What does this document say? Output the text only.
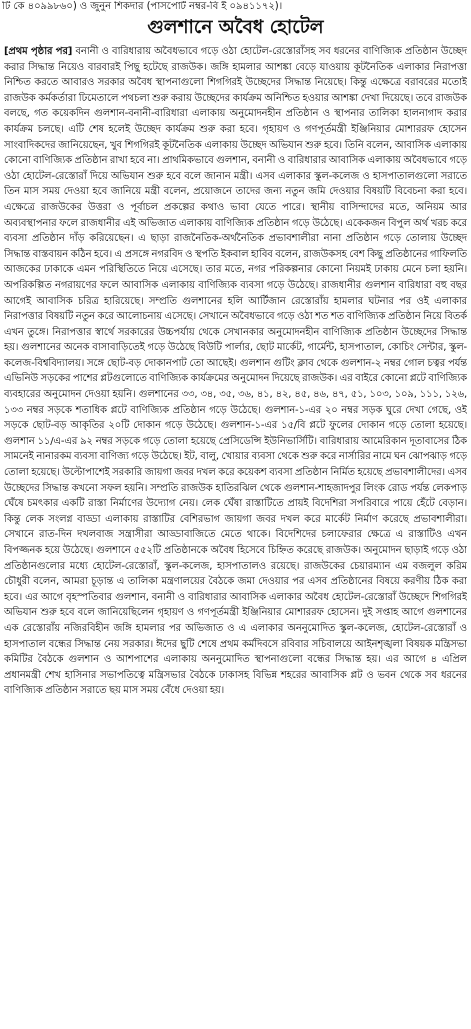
টি কে ৪০৯৯৮৬০) ও জুনুন শিকদার (পাসপোর্ট নম্বর-বি ই ০৯৪১১৭২)।
গুলশানে অবৈধ হোটেল

[প্রথম পৃষ্ঠার পর] বনানী ও বারিধারায় অবৈধভাবে গড়ে ওঠা হোটেল-রেস্তোরাঁসহ সব ধরনের বাণিজ্যিক প্রতিষ্ঠান উচ্ছেদ করার সিদ্ধান্ত নিয়েও বারবারই পিছু হটেছে রাজউক। জঙ্গি হামলার আশঙ্কা বেড়ে যাওয়ায় কূটনৈতিক এলাকার নিরাপত্তা নিশ্চিত করতে আবারও সরকার অবৈধ স্থাপনাগুলো শিগগিরই উচ্ছেদের সিদ্ধান্ত নিয়েছে। কিন্তু এক্ষেত্রে বরাবরের মতোই রাজউক কর্মকর্তারা ঢিমেতালে পথচলা শুরু করায় উচ্ছেদের কার্যক্রম অনিশ্চিত হওয়ার আশঙ্কা দেখা দিয়েছে। তবে রাজউক বলছে, গত কয়েকদিন গুলশান-বনানী-বারিধারা এলাকায় অনুমোদনহীন প্রতিষ্ঠান ও স্থাপনার তালিকা হালনাগাদ করার কার্যক্রম চলছে। এটি শেষ হলেই উচ্ছেদ কার্যক্রম শুরু করা হবে। গৃহায়ণ ও গণপূর্তমন্ত্রী ইঞ্জিনিয়ার মোশাররফ হোসেন সাংবাদিকদের জানিয়েছেন, খুব শিগগিরই কূটনৈতিক এলাকায় উচ্ছেদ অভিযান শুরু হবে। তিনি বলেন, আবাসিক এলাকায় কোনো বাণিজ্যিক প্রতিষ্ঠান রাখা হবে না। প্রাথমিকভাবে গুলশান, বনানী ও বারিধারার আবাসিক এলাকায় অবৈধভাবে গড়ে ওঠা হোটেল-রেস্তোরাঁ দিয়ে অভিযান শুরু হবে বলে জানান মন্ত্রী। এসব এলাকার স্কুল-কলেজ ও হাসপাতালগুলো সরাতে তিন মাস সময় দেওয়া হবে জানিয়ে মন্ত্রী বলেন, প্রয়োজনে তাদের জন্য নতুন জমি দেওয়ার বিষয়টি বিবেচনা করা হবে। এক্ষেত্রে রাজউকের উত্তরা ও পূর্বাচল প্রকল্পের কথাও ভাবা যেতে পারে। স্থানীয় বাসিন্দাদের মতে, অনিয়ম আর অব্যবস্থাপনার ফলে রাজধানীর এই অভিজাত এলাকায় বাণিজ্যিক প্রতিষ্ঠান গড়ে উঠেছে। একেকজন বিপুল অর্থ খরচ করে ব্যবসা প্রতিষ্ঠান দাঁড় করিয়েছেন। এ ছাড়া রাজনৈতিক-অর্থনৈতিক প্রভাবশালীরা নানা প্রতিষ্ঠান গড়ে তোলায় উচ্ছেদ সিদ্ধান্ত বাস্তবায়ন কঠিন হবে। এ প্রসঙ্গে নগরবিদ ও স্থপতি ইকবাল হাবিব বলেন, রাজউকসহ বেশ কিছু প্রতিষ্ঠানের গাফিলতি আজকের ঢাকাকে এমন পরিস্থিতিতে নিয়ে এসেছে। তার মতে, নগর পরিকল্পনার কোনো নিয়মই ঢাকায় মেনে চলা হয়নি। অপরিকল্পিত নগরায়ণের ফলে আবাসিক এলাকায় বাণিজ্যিক ব্যবসা গড়ে উঠেছে। রাজধানীর গুলশান বারিধারা বহু বছর আগেই আবাসিক চরিত্র হারিয়েছে। সম্প্রতি গুলশানের হলি আর্টিজান রেস্তোরাঁয় হামলার ঘটনার পর ওই এলাকার নিরাপত্তার বিষয়টি নতুন করে আলোচনায় এসেছে। সেখানে অবৈধভাবে গড়ে ওঠা শত শত বাণিজ্যিক প্রতিষ্ঠান নিয়ে বিতর্ক এখন তুঙ্গে। নিরাপত্তার স্বার্থে সরকারের উচ্চপর্যায় থেকে সেখানকার অনুমোদনহীন বাণিজ্যিক প্রতিষ্ঠান উচ্ছেদের সিদ্ধান্ত হয়। গুলশানের অনেক বাসাবাড়িতেই গড়ে উঠেছে বিউটি পার্লার, ছোট মার্কেট, গার্মেন্ট, হাসপাতাল, কোচিং সেন্টার, স্কুল-কলেজ-বিশ্ববিদ্যালয়। সঙ্গে ছোট-বড় দোকানপাট তো আছেই। গুলশান গুটিং ক্লাব থেকে গুলশান-২ নম্বর গোল চত্বর পর্যন্ত এভিনিউ সড়কের পাশের প্লটগুলোতে বাণিজ্যিক কার্যক্রমের অনুমোদন দিয়েছে রাজউক। এর বাইরে কোনো প্লটে বাণিজ্যিক ব্যবহারের অনুমোদন দেওয়া হয়নি। গুলশানের ৩৩, ৩৪, ৩৫, ৩৬, ৪১, ৪২, ৪৫, ৪৬, ৪৭, ৫১, ১০৩, ১০৯, ১১১, ১২৬, ১৩৩ নম্বর সড়কে শতাধিক প্লটে বাণিজ্যিক প্রতিষ্ঠান গড়ে উঠেছে। গুলশান-১-এর ২০ নম্বর সড়ক ঘুরে দেখা গেছে, ওই সড়কে ছোট-বড় আকৃতির ২০টি দোকান গড়ে উঠেছে। গুলশান-১-এর ১৫/বি প্লটে ফুলের দোকান গড়ে তোলা হয়েছে। গুলশান ১১/এ-এর ৯২ নম্বর সড়কে গড়ে তোলা হয়েছে প্রেসিডেন্সি ইউনিভার্সিটি। বারিধারায় আমেরিকান দূতাবাসের ঠিক সামনেই নানারকম ব্যবসা বাণিজ্য গড়ে উঠেছে। ইট, বালু, খোয়ার ব্যবসা থেকে শুরু করে নার্সারির নামে ঘন ঝোপঝাড় গড়ে তোলা হয়েছে। উল্টোপাশেই সরকারি জায়গা জবর দখল করে কয়েকশ ব্যবসা প্রতিষ্ঠান নির্মিত হয়েছে প্রভাবশালীদের। এসব উচ্ছেদের সিদ্ধান্ত কখনো সফল হয়নি। সম্প্রতি রাজউক হাতিরঝিল থেকে গুলশান-শাহজাদপুর লিংক রোড পর্যন্ত লেকপাড় ঘেঁষে চমৎকার একটি রাস্তা নির্মাণের উদ্যোগ নেয়। লেক ঘেঁষা রাস্তাটিতে প্রায়ই বিদেশিরা সপরিবারে পায়ে হেঁটে বেড়ান। কিন্তু লেক সংলগ্ন বাড্ডা এলাকায় রাস্তাটির বেশিরভাগ জায়গা জবর দখল করে মার্কেট নির্মাণ করেছে প্রভাবশালীরা। সেখানে রাত-দিন দখলবাজ সন্ত্রাসীরা আড্ডাবাজিতে মেতে থাকে। বিদেশিদের চলাফেরার ক্ষেত্রে এ রাস্তাটিও এখন বিপজ্জনক হয়ে উঠেছে। গুলশানে ৫৫২টি প্রতিষ্ঠানকে অবৈধ হিসেবে চিহ্নিত করেছে রাজউক। অনুমোদন ছাড়াই গড়ে ওঠা প্রতিষ্ঠানগুলোর মধ্যে হোটেল-রেস্তোরাঁ, স্কুল-কলেজ, হাসপাতালও রয়েছে। রাজউকের চেয়ারম্যান এম বজলুল করিম চৌধুরী বলেন, আমরা চূড়ান্ত এ তালিকা মন্ত্রণালয়ের বৈঠকে জমা দেওয়ার পর এসব প্রতিষ্ঠানের বিষয়ে করণীয় ঠিক করা হবে। এর আগে বৃহস্পতিবার গুলশান, বনানী ও বারিধারার আবাসিক এলাকার অবৈধ হোটেল-রেস্তোরাঁ উচ্ছেদে শিগগিরই অভিযান শুরু হবে বলে জানিয়েছিলেন গৃহায়ণ ও গণপূর্তমন্ত্রী ইঞ্জিনিয়ার মোশাররফ হোসেন। দুই সপ্তাহ আগে গুলশানের এক রেস্তোরাঁয় নজিরবিহীন জঙ্গি হামলার পর অভিজাত ও এ এলাকার অননুমোদিত স্কুল-কলেজ, হোটেল-রেস্তোরাঁ ও হাসপাতাল বন্ধের সিদ্ধান্ত নেয় সরকার। ঈদের ছুটি শেষে প্রথম কর্মদিবসে রবিবার সচিবালয়ে আইনশৃঙ্খলা বিষয়ক মন্ত্রিসভা কমিটির বৈঠকে গুলশান ও আশপাশের এলাকায় অননুমোদিত স্থাপনাগুলো বন্ধের সিদ্ধান্ত হয়। এর আগে ৪ এপ্রিল প্রধানমন্ত্রী শেখ হাসিনার সভাপতিত্বে মন্ত্রিসভার বৈঠকে ঢাকাসহ বিভিন্ন শহরের আবাসিক প্লট ও ভবন থেকে সব ধরনের বাণিজ্যিক প্রতিষ্ঠান সরাতে ছয় মাস সময় বেঁধে দেওয়া হয়।
